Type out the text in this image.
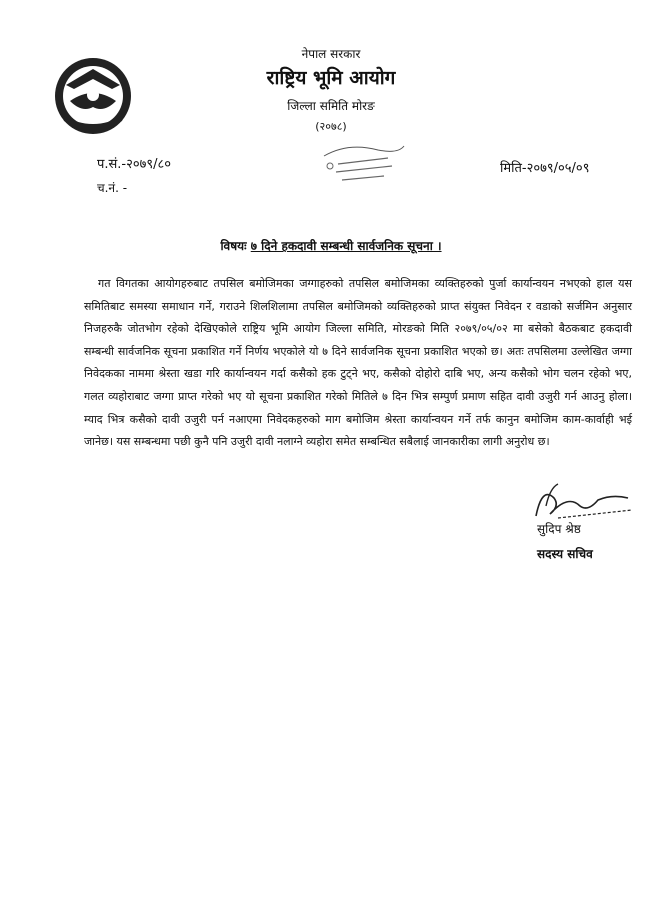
नेपाल सरकार
राष्ट्रिय भूमि आयोग
जिल्ला समिति मोरङ
(२०७८)
प.सं.-२०७९/८०
च.नं. -
मिति-२०७९/०५/०९
विषयः ७ दिने हकदावी सम्बन्धी सार्वजनिक सूचना ।
गत विगतका आयोगहरुबाट तपसिल बमोजिमका जग्गाहरुको तपसिल बमोजिमका व्यक्तिहरुको पुर्जा कार्यान्वयन नभएको हाल यस समितिबाट समस्या समाधान गर्ने, गराउने शिलशिलामा तपसिल बमोजिमको व्यक्तिहरुको प्राप्त संयुक्त निवेदन र वडाको सर्जमिन अनुसार निजहरुकै जोतभोग रहेको देखिएकोले राष्ट्रिय भूमि आयोग जिल्ला समिति, मोरङको मिति २०७९/०५/०२ मा बसेको बैठकबाट हकदावी सम्बन्धी सार्वजनिक सूचना प्रकाशित गर्ने निर्णय भएकोले यो ७ दिने सार्वजनिक सूचना प्रकाशित भएको छ। अतः तपसिलमा उल्लेखित जग्गा निवेदकका नाममा श्रेस्ता खडा गरि कार्यान्वयन गर्दा कसैको हक टुट्ने भए, कसैको दोहोरो दाबि भए, अन्य कसैको भोग चलन रहेको भए, गलत व्यहोराबाट जग्गा प्राप्त गरेको भए यो सूचना प्रकाशित गरेको मितिले ७ दिन भित्र सम्पुर्ण प्रमाण सहित दावी उजुरी गर्न आउनु होला। म्याद भित्र कसैको दावी उजुरी पर्न नआएमा निवेदकहरुको माग बमोजिम श्रेस्ता कार्यान्वयन गर्ने तर्फ कानुन बमोजिम काम-कार्वाही भई जानेछ। यस सम्बन्धमा पछी कुनै पनि उजुरी दावी नलाग्ने व्यहोरा समेत सम्बन्धित सबैलाई जानकारीका लागी अनुरोध छ।
सुदिप श्रेष्ठ
सदस्य सचिव
